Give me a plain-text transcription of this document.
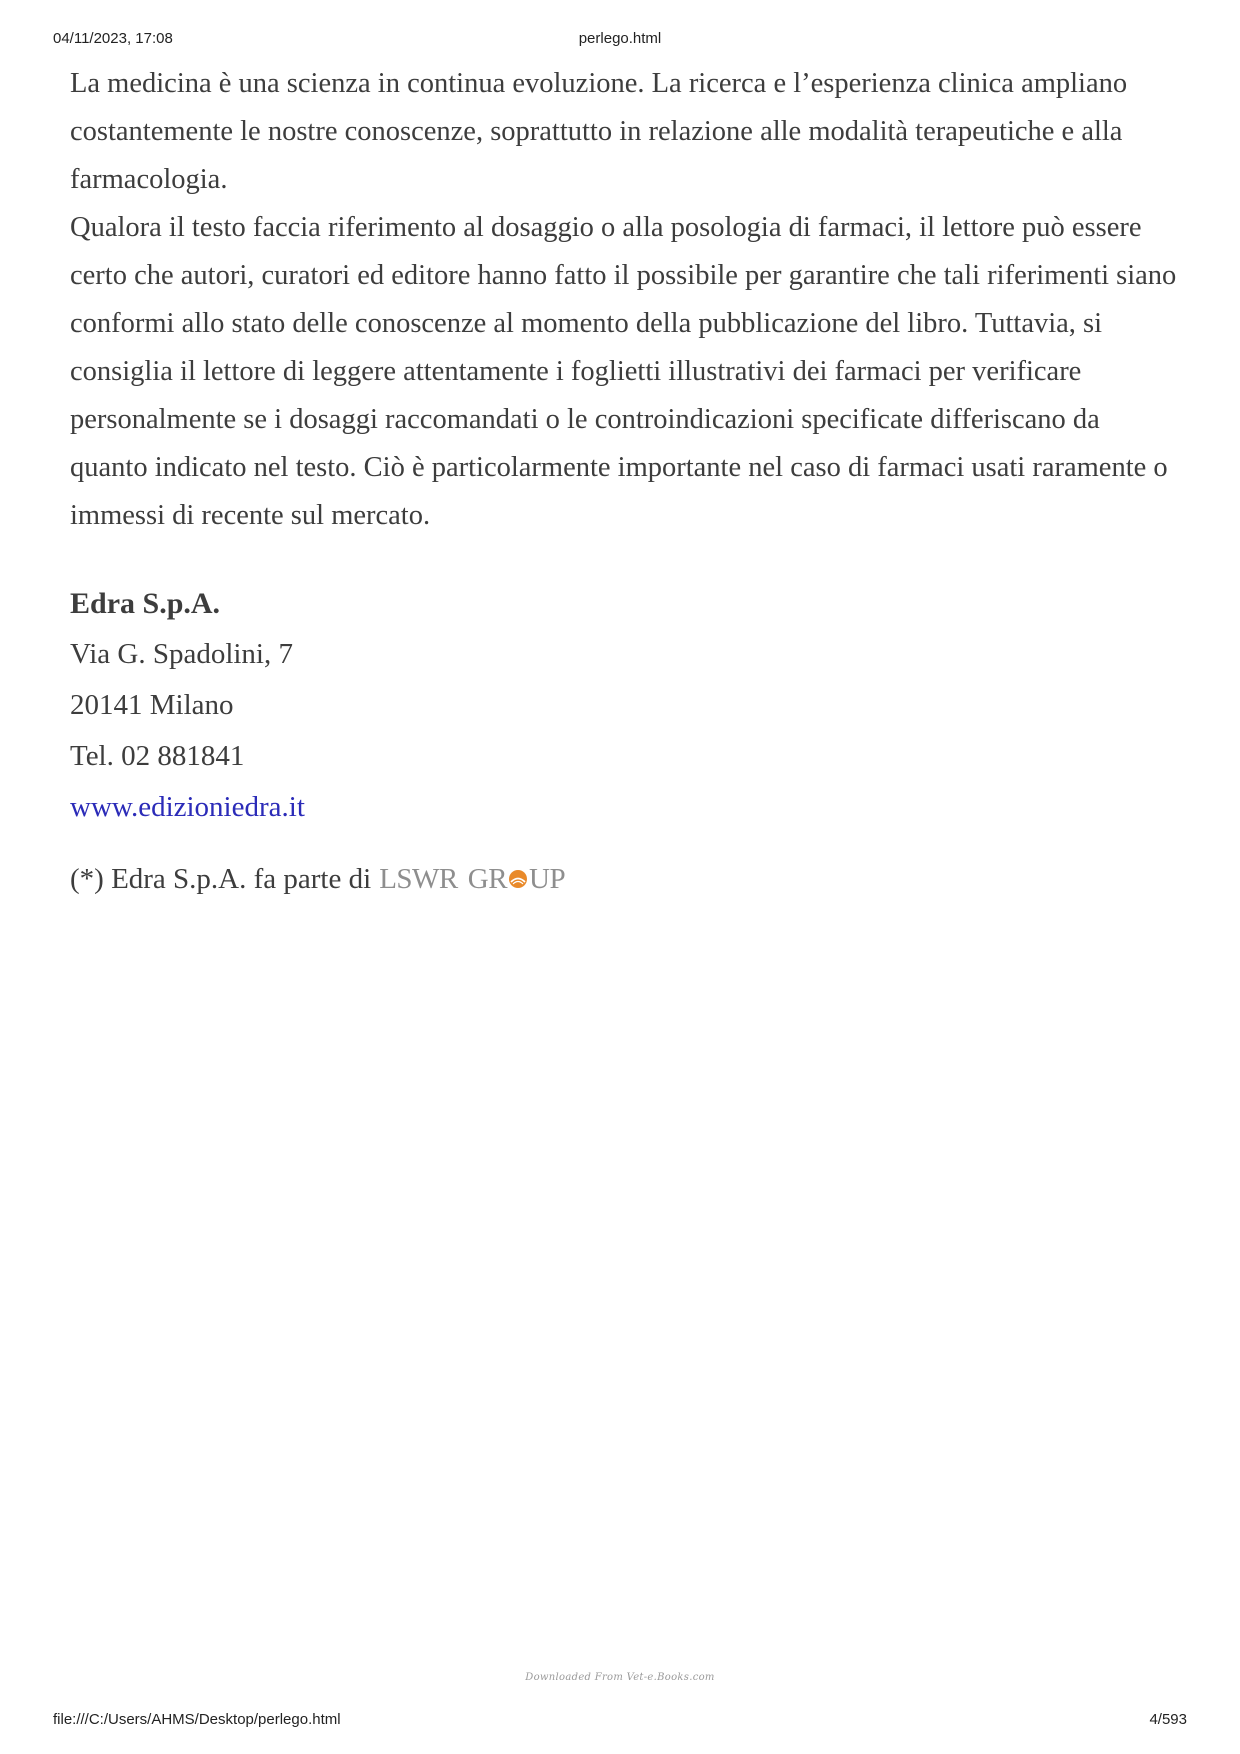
04/11/2023, 17:08	perlego.html

La medicina è una scienza in continua evoluzione. La ricerca e l’esperienza clinica ampliano costantemente le nostre conoscenze, soprattutto in relazione alle modalità terapeutiche e alla farmacologia.

Qualora il testo faccia riferimento al dosaggio o alla posologia di farmaci, il lettore può essere certo che autori, curatori ed editore hanno fatto il possibile per garantire che tali riferimenti siano conformi allo stato delle conoscenze al momento della pubblicazione del libro. Tuttavia, si consiglia il lettore di leggere attentamente i foglietti illustrativi dei farmaci per verificare personalmente se i dosaggi raccomandati o le controindicazioni specificate differiscano da quanto indicato nel testo. Ciò è particolarmente importante nel caso di farmaci usati raramente o immessi di recente sul mercato.

Edra S.p.A.
Via G. Spadolini, 7
20141 Milano
Tel. 02 881841
www.edizioniedra.it
(*) Edra S.p.A. fa parte di LSWR GR UP
Downloaded From Vet-e.Books.com
file:///C:/Users/AHMS/Desktop/perlego.html	4/593
